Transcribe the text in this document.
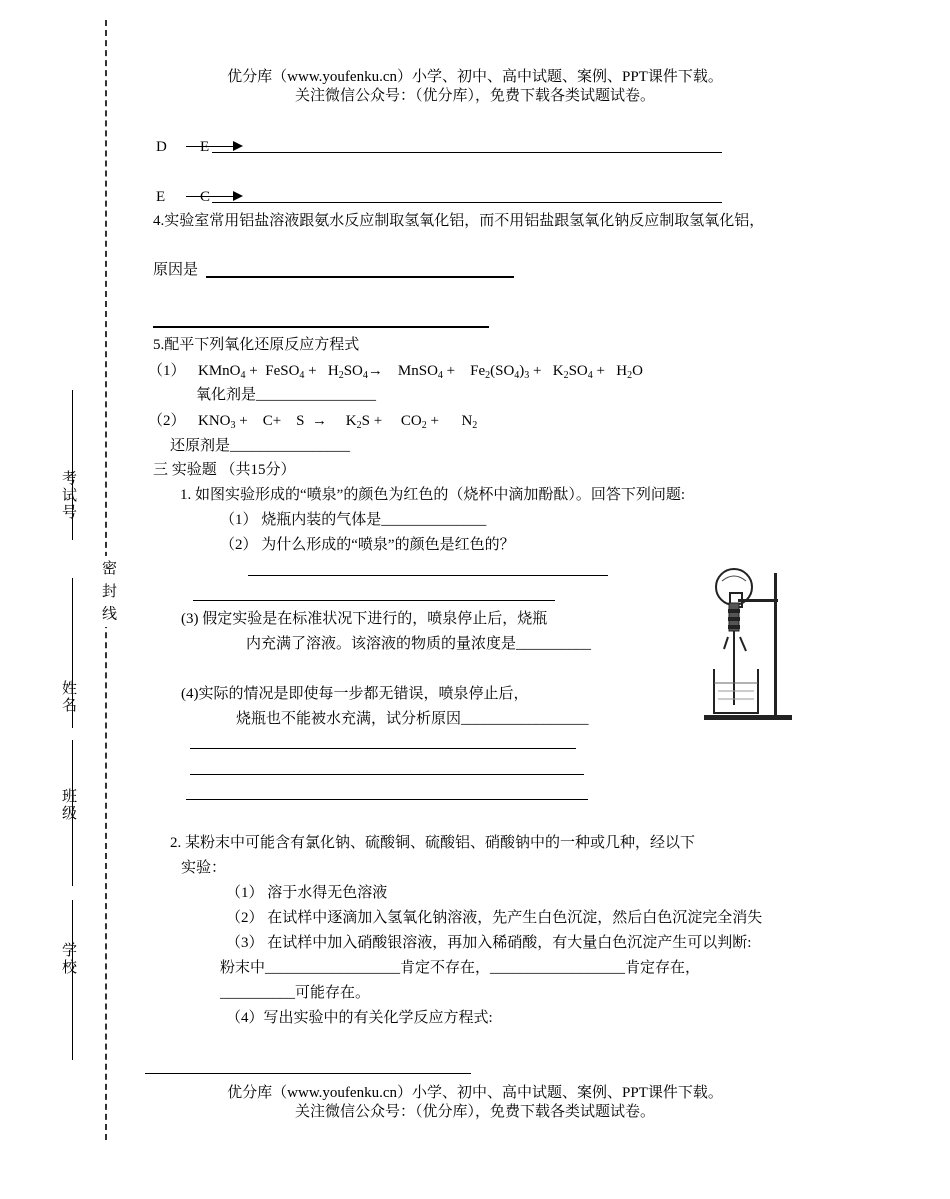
优分库（www.youfenku.cn）小学、初中、高中试题、案例、PPT课件下载。
关注微信公众号：（优分库），免费下载各类试题试卷。
考试号
密 封 线
姓名
班级
学校
D E
E C
4.实验室常用铝盐溶液跟氨水反应制取氢氧化铝，而不用铝盐跟氢氧化钠反应制取氢氧化铝，
原因是
5.配平下列氧化还原反应方程式
（1） KMnO$_4$ +  FeSO$_4$ +   $H_2SO_4\to$    MnSO$_4$ +    $Fe_2(SO_4)_3 + K_2SO_4 + H_2O$
氧化剂是________________
（2） $KNO_3$ +    C+    S  →     $K_2S$ +     $CO_2$ +      $N_2$
还原剂是________________
三 实验题 （共15分）
1. 如图实验形成的“喷泉”的颜色为红色的（烧杯中滴加酚酞）。回答下列问题:
（1） 烧瓶内装的气体是______________
（2） 为什么形成的“喷泉”的颜色是红色的？
(3) 假定实验是在标准状况下进行的，喷泉停止后，烧瓶
内充满了溶液。该溶液的物质的量浓度是__________
(4)实际的情况是即使每一步都无错误，喷泉停止后，
烧瓶也不能被水充满，试分析原因_________________
2. 某粉末中可能含有氯化钠、硫酸铜、硫酸铝、硝酸钠中的一种或几种，经以下
实验：
（1） 溶于水得无色溶液
（2） 在试样中逐滴加入氢氧化钠溶液，先产生白色沉淀，然后白色沉淀完全消失
（3） 在试样中加入硝酸银溶液，再加入稀硝酸，有大量白色沉淀产生可以判断:
粉末中__________________肯定不存在，__________________肯定存在，
__________可能存在。
（4）写出实验中的有关化学反应方程式:
优分库（www.youfenku.cn）小学、初中、高中试题、案例、PPT课件下载。
关注微信公众号：（优分库），免费下载各类试题试卷。
